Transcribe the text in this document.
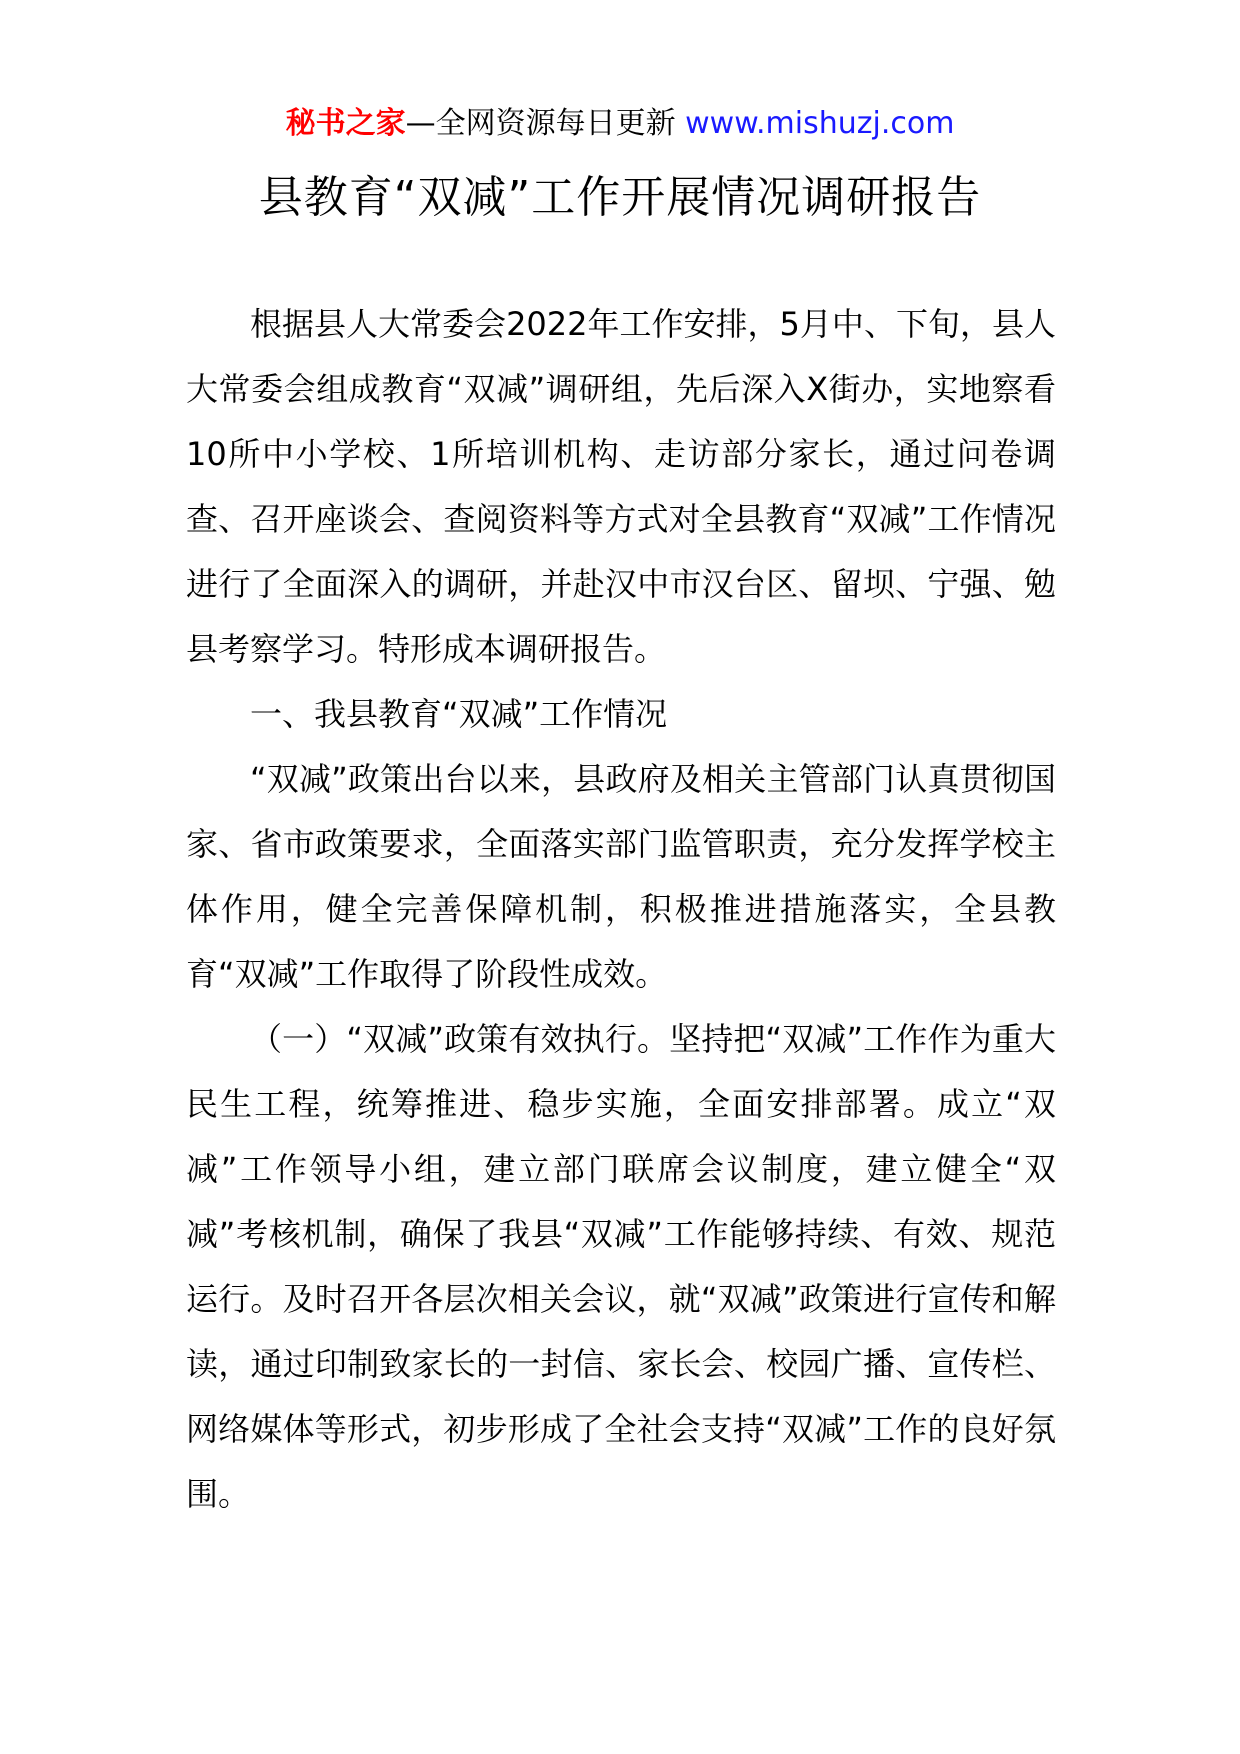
秘书之家—全网资源每日更新 www.mishuzj.com
县教育“双减”工作开展情况调研报告

根据县人大常委会2022年工作安排，5月中、下旬，县人大常委会组成教育“双减”调研组，先后深入X街办，实地察看10所中小学校、1所培训机构、走访部分家长，通过问卷调查、召开座谈会、查阅资料等方式对全县教育“双减”工作情况进行了全面深入的调研，并赴汉中市汉台区、留坝、宁强、勉县考察学习。特形成本调研报告。

一、我县教育“双减”工作情况

“双减”政策出台以来，县政府及相关主管部门认真贯彻国家、省市政策要求，全面落实部门监管职责，充分发挥学校主体作用，健全完善保障机制，积极推进措施落实，全县教育“双减”工作取得了阶段性成效。

（一）“双减”政策有效执行。坚持把“双减”工作作为重大民生工程，统筹推进、稳步实施，全面安排部署。成立“双减”工作领导小组，建立部门联席会议制度，建立健全“双减”考核机制，确保了我县“双减”工作能够持续、有效、规范运行。及时召开各层次相关会议，就“双减”政策进行宣传和解读，通过印制致家长的一封信、家长会、校园广播、宣传栏、网络媒体等形式，初步形成了全社会支持“双减”工作的良好氛围。
